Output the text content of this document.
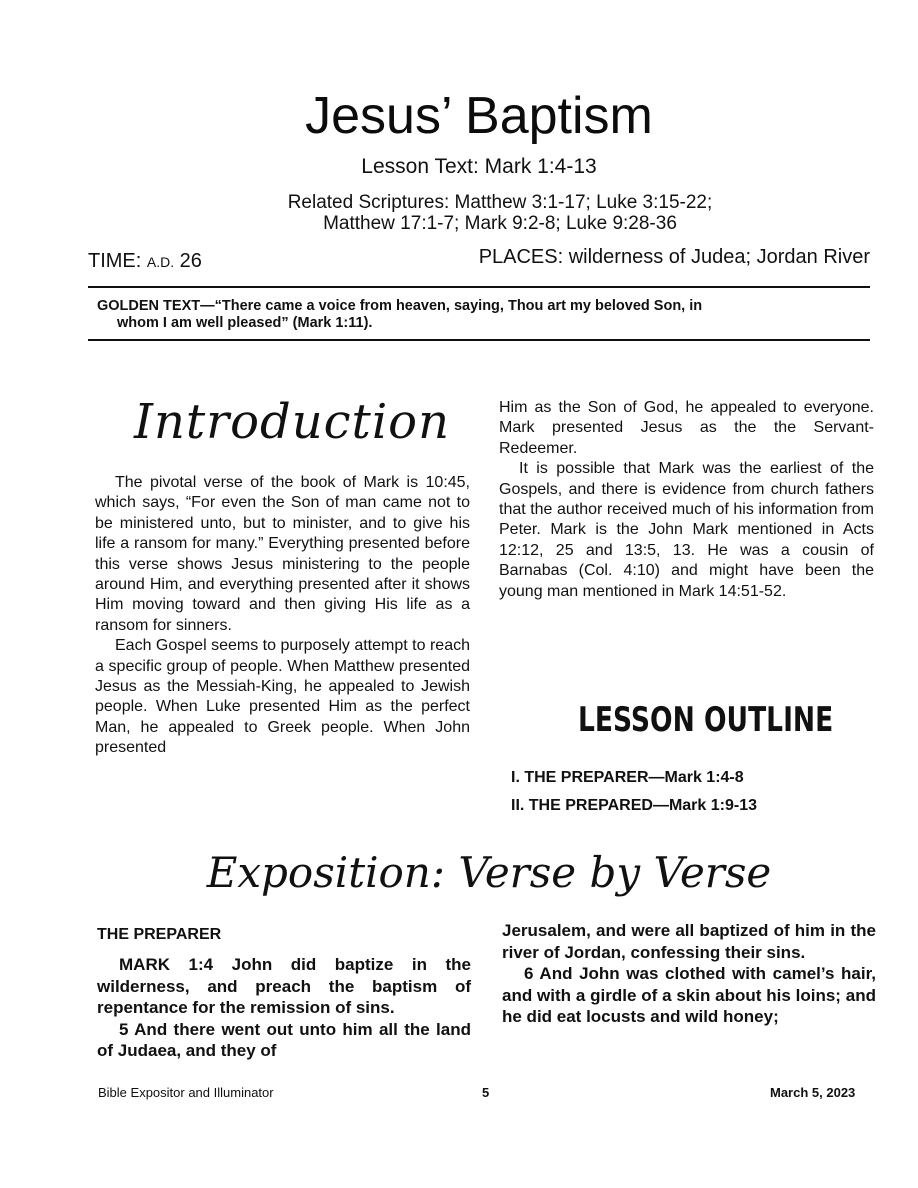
Jesus’ Baptism
Lesson Text: Mark 1:4-13
Related Scriptures: Matthew 3:1-17; Luke 3:15-22;
Matthew 17:1-7; Mark 9:2-8; Luke 9:28-36
TIME: A.D. 26	PLACES: wilderness of Judea; Jordan River
GOLDEN TEXT—“There came a voice from heaven, saying, Thou art my beloved Son, in
whom I am well pleased” (Mark 1:11).
Introduction

The pivotal verse of the book of Mark is 10:45, which says, “For even the Son of man came not to be ministered unto, but to minister, and to give his life a ransom for many.” Everything presented before this verse shows Jesus ministering to the people around Him, and everything presented after it shows Him moving toward and then giving His life as a ransom for sinners.

Each Gospel seems to purposely attempt to reach a specific group of people. When Matthew presented Jesus as the Messiah-King, he appealed to Jewish people. When Luke presented Him as the perfect Man, he appealed to Greek people. When John presented

Him as the Son of God, he appealed to everyone. Mark presented Jesus as the the Servant-Redeemer.

It is possible that Mark was the earliest of the Gospels, and there is evidence from church fathers that the author received much of his information from Peter. Mark is the John Mark mentioned in Acts 12:12, 25 and 13:5, 13. He was a cousin of Barnabas (Col. 4:10) and might have been the young man mentioned in Mark 14:51-52.

LESSON OUTLINE
I. THE PREPARER—Mark 1:4-8
II. THE PREPARED—Mark 1:9-13
Exposition: Verse by Verse
THE PREPARER

MARK 1:4 John did baptize in the wilderness, and preach the baptism of repentance for the remission of sins.

5 And there went out unto him all the land of Judaea, and they of

Jerusalem, and were all baptized of him in the river of Jordan, confessing their sins.

6 And John was clothed with camel’s hair, and with a girdle of a skin about his loins; and he did eat locusts and wild honey;

Bible Expositor and Illuminator	5	March 5, 2023
